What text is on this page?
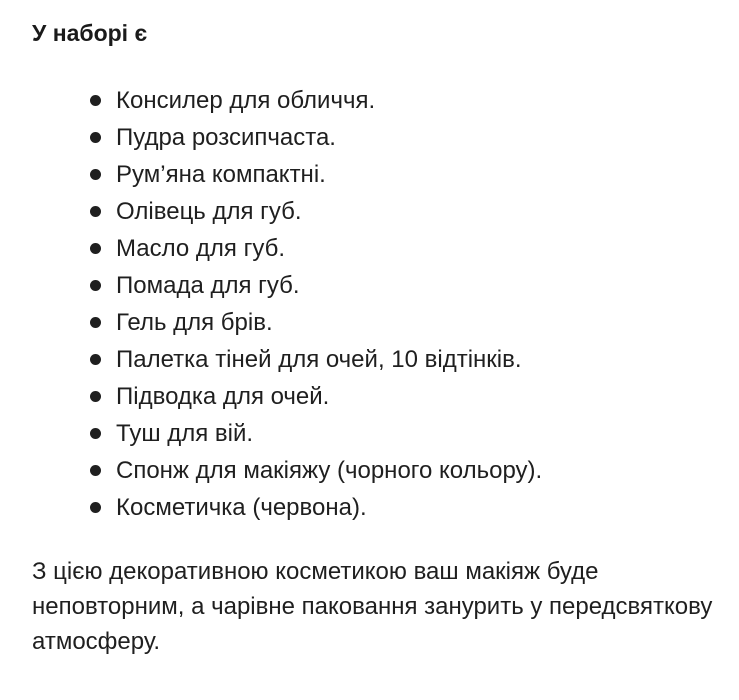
У наборі є
Консилер для обличчя.
Пудра розсипчаста.
Рум’яна компактні.
Олівець для губ.
Масло для губ.
Помада для губ.
Гель для брів.
Палетка тіней для очей, 10 відтінків.
Підводка для очей.
Туш для вій.
Спонж для макіяжу (чорного кольору).
Косметичка (червона).

З цією декоративною косметикою ваш макіяж буде неповторним, а чарівне паковання занурить у передсвяткову атмосферу.
